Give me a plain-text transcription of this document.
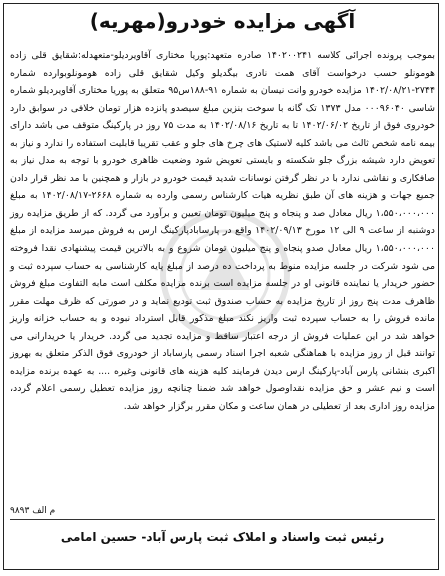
آگهی مزایده خودرو(مهریه)

بموجب پرونده اجرائی کلاسه ۱۴۰۲۰۰۲۴۱ صادره متعهد:پوریا مختاری آقاویردیلو-متعهدله:شقایق قلی زاده هومونلو حسب درخواست آقای همت نادری بیگدیلو وکیل شقایق قلی زاده هومونلوبوارده شماره ۲۷۴۴-۱۴۰۲/۰۸/۲۱ مزایده خودرو وانت نیسان به شماره ۹۱-۱۸۸س۹۵ متعلق به پوریا مختاری آقاویردیلو شماره شاسی ۰۰۰۹۶۰۴۰ مدل ۱۳۷۳ تک گانه با سوخت بنزین مبلغ سیصدو پانزده هزار تومان خلافی در سوابق دارد خودروی فوق از تاریخ ۱۴۰۲/۰۶/۰۲ تا به تاریخ ۱۴۰۲/۰۸/۱۶ به مدت ۷۵ روز در پارکینگ متوقف می باشد دارای بیمه نامه شخص ثالث می باشد کلیه لاستیک های چرخ های جلو و عقب تقریبا قابلیت استفاده را ندارد و نیاز به تعویض دارد شیشه بزرگ جلو شکسته و بایستی تعویض شود وضعیت ظاهری خودرو با توجه به مدل نیاز به صافکاری و نقاشی ندارد با در نظر گرفتن نوسانات شدید قیمت خودرو در بازار و همچنین با مد نظر قرار دادن جمیع جهات و هزینه های آن طبق نظریه هیات کارشناس رسمی وارده به شماره ۲۶۶۸-۱۴۰۲/۰۸/۱۷ به مبلغ ۱،۵۵۰،۰۰۰،۰۰۰ ریال معادل صد و پنجاه و پنج میلیون تومان تعیین و برآورد می گردد. که از طریق مزایده روز دوشنبه از ساعت ۹ الی ۱۲ مورخ ۱۴۰۲/۰۹/۱۳ واقع در پارسابادپارکینگ ارس به فروش میرسد مزایده از مبلغ ۱،۵۵۰،۰۰۰،۰۰۰ ریال معادل صدو پنجاه و پنج میلیون تومان شروع و به بالاترین قیمت پیشنهادی نقدا فروخته می شود شرکت در جلسه مزایده منوط به پرداخت ده درصد از مبلغ پایه کارشناسی به حساب سپرده ثبت و حضور خریدار یا نماینده قانونی او در جلسه مزایده است برنده مزایده مکلف است مابه التفاوت مبلغ فروش ظاهرف مدت پنج روز از تاریخ مزایده به حساب صندوق ثبت تودیع نماید و در صورتی که ظرف مهلت مقرر مانده فروش را به حساب سپرده ثبت واریز نکند مبلغ مذکور قابل استرداد نبوده و به حساب خزانه واریز خواهد شد در این عملیات فروش از درجه اعتبار ساقط و مزایده تجدید می گردد. خریدار یا خریدارانی می توانند قبل از روز مزایده با هماهنگی شعبه اجرا اسناد رسمی پارساباد از خودروی فوق الذکر متعلق به بهروز اکبری بنشانی پارس آباد-پارکینگ ارس دیدن فرمایند کلیه هزینه های قانونی وغیره .... به عهده برنده مزایده است و نیم عشر و حق مزایده نقداوصول خواهد شد ضمنا چنانچه روز مزایده تعطیل رسمی اعلام گردد، مزایده روز اداری بعد از تعطیلی در همان ساعت و مکان مقرر برگزار خواهد شد.

م الف ۹۸۹۳
رئیس ثبت واسناد و املاک ثبت پارس آباد- حسین امامی
